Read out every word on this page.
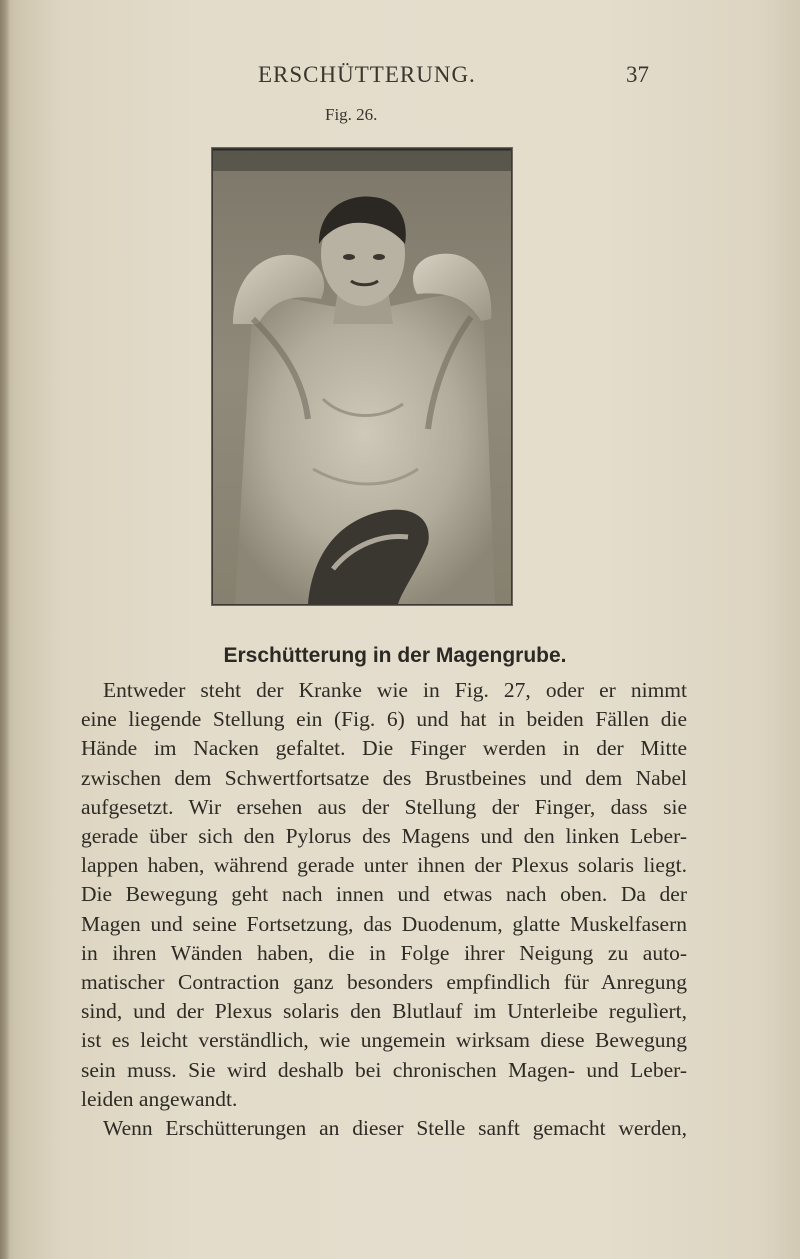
ERSCHÜTTERUNG.	37
Fig. 26.
Erschütterung in der Magengrube.
Entweder steht der Kranke wie in Fig. 27, oder er nimmt
eine liegende Stellung ein (Fig. 6) und hat in beiden Fällen die
Hände im Nacken gefaltet. Die Finger werden in der Mitte
zwischen dem Schwertfortsatze des Brustbeines und dem Nabel
aufgesetzt. Wir ersehen aus der Stellung der Finger, dass sie
gerade über sich den Pylorus des Magens und den linken Leber-
lappen haben, während gerade unter ihnen der Plexus solaris liegt.
Die Bewegung geht nach innen und etwas nach oben. Da der
Magen und seine Fortsetzung, das Duodenum, glatte Muskelfasern
in ihren Wänden haben, die in Folge ihrer Neigung zu auto-
matischer Contraction ganz besonders empfindlich für Anregung
sind, und der Plexus solaris den Blutlauf im Unterleibe regulìert,
ist es leicht verständlich, wie ungemein wirksam diese Bewegung
sein muss. Sie wird deshalb bei chronischen Magen- und Leber-
leiden angewandt.
Wenn Erschütterungen an dieser Stelle sanft gemacht werden,
